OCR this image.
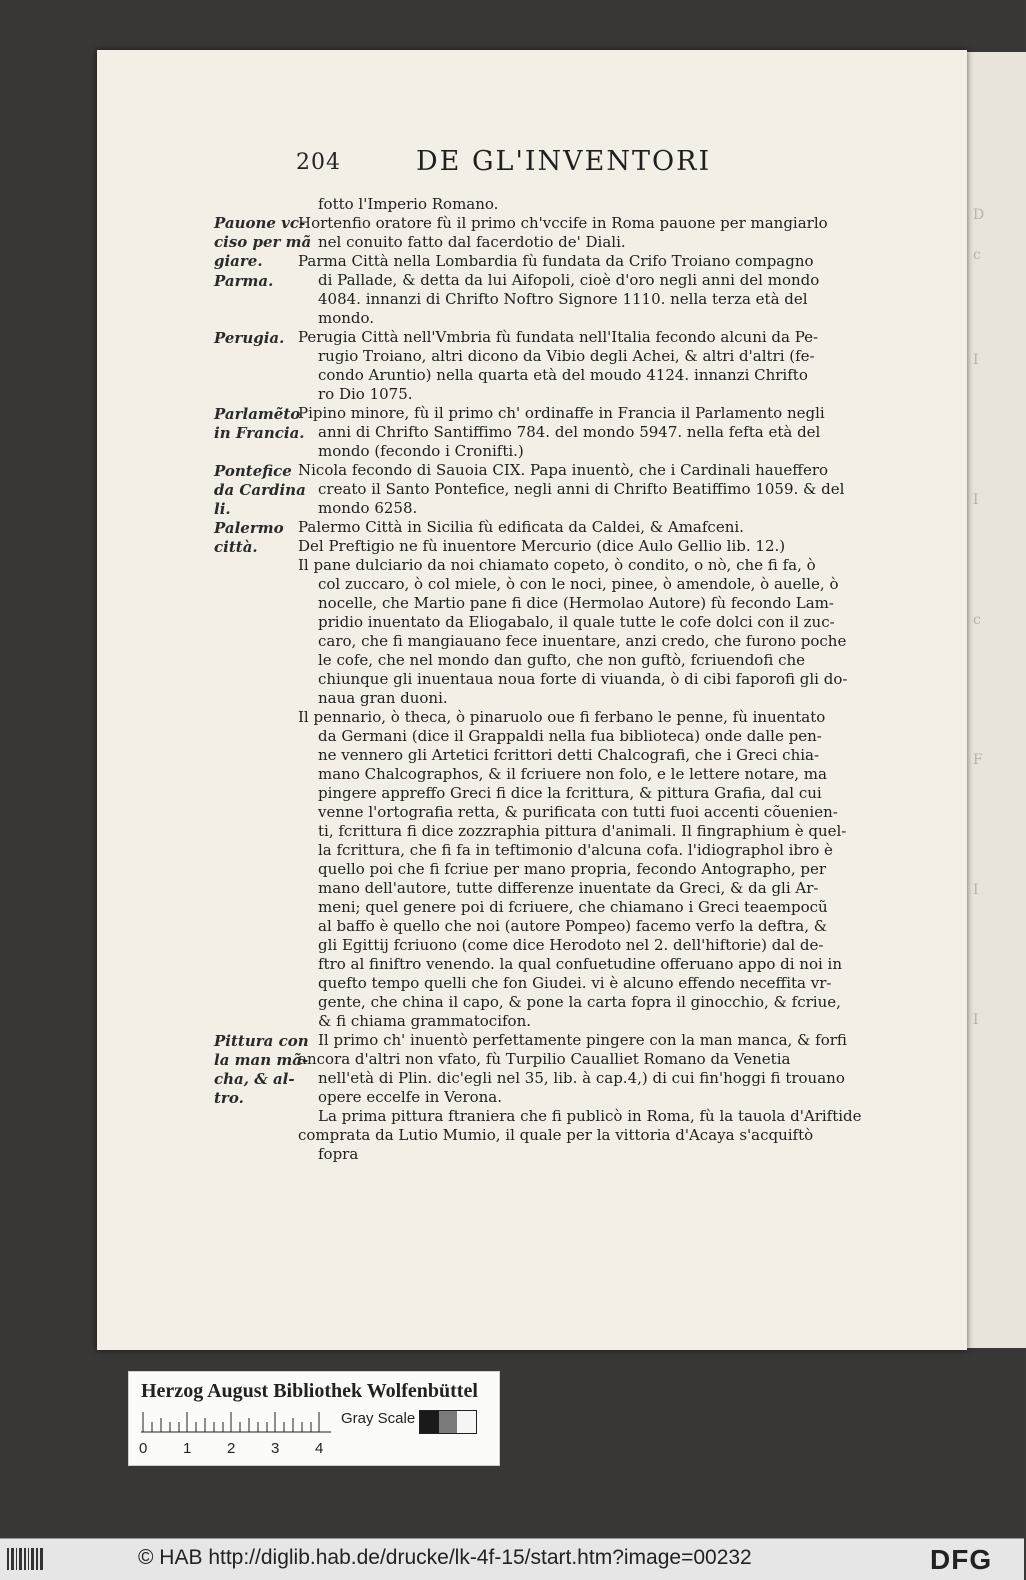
D
c
I
I
c
F
I
I
204	DE GL'INVENTORI
Pauone vc-
ciso per mã
giare.
Parma.
Perugia.
Parlamẽto
in Francia.
Pontefice
da Cardina
li.
Palermo
città.
Pittura con
la man mã-
cha, & al-
tro.
fotto l'Imperio Romano.
Hortenfio oratore fù il primo ch'vccife in Roma pauone per mangiarlo
nel conuito fatto dal facerdotio de' Diali.
Parma Città nella Lombardia fù fundata da Crifo Troiano compagno
di Pallade, & detta da lui Aifopoli, cioè d'oro negli anni del mondo
4084. innanzi di Chrifto Noftro Signore 1110. nella terza età del
mondo.
Perugia Città nell'Vmbria fù fundata nell'Italia fecondo alcuni da Pe-
rugio Troiano, altri dicono da Vibio degli Achei, & altri d'altri (fe-
condo Aruntio) nella quarta età del moudo 4124. innanzi Chrifto
ro Dio 1075.
Pipino minore, fù il primo ch' ordinaffe in Francia il Parlamento negli
anni di Chrifto Santiffimo 784. del mondo 5947. nella fefta età del
mondo (fecondo i Cronifti.)
Nicola fecondo di Sauoia CIX. Papa inuentò, che i Cardinali haueffero
creato il Santo Pontefice, negli anni di Chrifto Beatiffimo 1059. & del
mondo 6258.
Palermo Città in Sicilia fù edificata da Caldei, & Amafceni.
Del Preftigio ne fù inuentore Mercurio (dice Aulo Gellio lib. 12.)
Il pane dulciario da noi chiamato copeto, ò condito, o nò, che fi fa, ò
col zuccaro, ò col miele, ò con le noci, pinee, ò amendole, ò auelle, ò
nocelle, che Martio pane fi dice (Hermolao Autore) fù fecondo Lam-
pridio inuentato da Eliogabalo, il quale tutte le cofe dolci con il zuc-
caro, che fi mangiauano fece inuentare, anzi credo, che furono poche
le cofe, che nel mondo dan gufto, che non guftò, fcriuendofi che
chiunque gli inuentaua noua forte di viuanda, ò di cibi faporofi gli do-
naua gran duoni.
Il pennario, ò theca, ò pinaruolo oue fi ferbano le penne, fù inuentato
da Germani (dice il Grappaldi nella fua biblioteca) onde dalle pen-
ne vennero gli Artetici fcrittori detti Chalcografi, che i Greci chia-
mano Chalcographos, & il fcriuere non folo, e le lettere notare, ma
pingere appreffo Greci fi dice la fcrittura, & pittura Grafia, dal cui
venne l'ortografia retta, & purificata con tutti fuoi accenti cõuenien-
ti, fcrittura fi dice zozzraphia pittura d'animali. Il fingraphium è quel-
la fcrittura, che fi fa in teftimonio d'alcuna cofa. l'idiographol ibro è
quello poi che fi fcriue per mano propria, fecondo Antographo, per
mano dell'autore, tutte differenze inuentate da Greci, & da gli Ar-
meni; quel genere poi di fcriuere, che chiamano i Greci teaempocũ
al baffo è quello che noi (autore Pompeo) facemo verfo la deftra, &
gli Egittij fcriuono (come dice Herodoto nel 2. dell'hiftorie) dal de-
ftro al finiftro venendo. la qual confuetudine offeruano appo di noi in
quefto tempo quelli che fon Giudei. vi è alcuno effendo neceffita vr-
gente, che china il capo, & pone la carta fopra il ginocchio, & fcriue,
& fi chiama grammatocifon.
Il primo ch' inuentò perfettamente pingere con la man manca, & forfi
ancora d'altri non vfato, fù Turpilio Caualliet Romano da Venetia
nell'età di Plin. dic'egli nel 35, lib. à cap.4,) di cui fin'hoggi fi trouano
opere eccelfe in Verona.
La prima pittura ftraniera che fi publicò in Roma, fù la tauola d'Ariftide
comprata da Lutio Mumio, il quale per la vittoria d'Acaya s'acquiftò
fopra
Herzog August Bibliothek Wolfenbüttel
0 1 2 3 4
Gray Scale
© HAB http://diglib.hab.de/drucke/lk-4f-15/start.htm?image=00232	DFG
